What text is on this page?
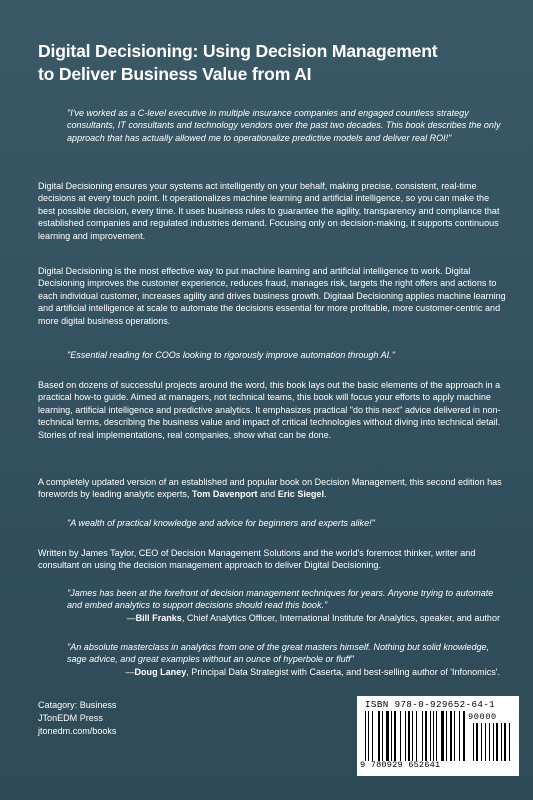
Digital Decisioning: Using Decision Management
to Deliver Business Value from AI

"I've worked as a C-level executive in multiple insurance companies and engaged countless strategy consultants, IT consultants and technology vendors over the past two decades. This book describes the only approach that has actually allowed me to operationalize predictive models and deliver real ROI!"

Digital Decisioning ensures your systems act intelligently on your behalf, making precise, consistent, real-time decisions at every touch point. It operationalizes machine learning and artificial intelligence, so you can make the best possible decision, every time. It uses business rules to guarantee the agility, transparency and compliance that established companies and regulated industries demand. Focusing only on decision-making, it supports continuous learning and improvement.

Digital Decisioning is the most effective way to put machine learning and artificial intelligence to work. Digital Decisioning improves the customer experience, reduces fraud, manages risk, targets the right offers and actions to each individual customer, increases agility and drives business growth. Digitaal Decisioning applies machine learning and artificial intelligence at scale to automate the decisions essential for more profitable, more customer-centric and more digital business operations.

"Essential reading for COOs looking to rigorously improve automation through AI."

Based on dozens of successful projects around the word, this book lays out the basic elements of the approach in a practical how-to guide. Aimed at managers, not technical teams, this book will focus your efforts to apply machine learning, artificial intelligence and predictive analytics. It emphasizes practical "do this next" advice delivered in non-technical terms, describing the business value and impact of critical technologies without diving into technical detail. Stories of real implementations, real companies, show what can be done.

A completely updated version of an established and popular book on Decision Management, this second edition has forewords by leading analytic experts, Tom Davenport and Eric Siegel.

"A wealth of practical knowledge and advice for beginners and experts alike!"

Written by James Taylor, CEO of Decision Management Solutions and the world's foremost thinker, writer and consultant on using the decision management approach to deliver Digital Decisioning.

"James has been at the forefront of decision management techniques for years. Anyone trying to automate and embed analytics to support decisions should read this book."

—Bill Franks, Chief Analytics Officer, International Institute for Analytics, speaker, and author

"An absolute masterclass in analytics from one of the great masters himself. Nothing but solid knowledge, sage advice, and great examples without an ounce of hyperbole or fluff"

—Doug Laney, Principal Data Strategist with Caserta, and best-selling author of 'Infonomics'.

Catagory: Business
JTonEDM Press
jtonedm.com/books
ISBN 978-0-929652-64-1
9 780929 652641
90000
